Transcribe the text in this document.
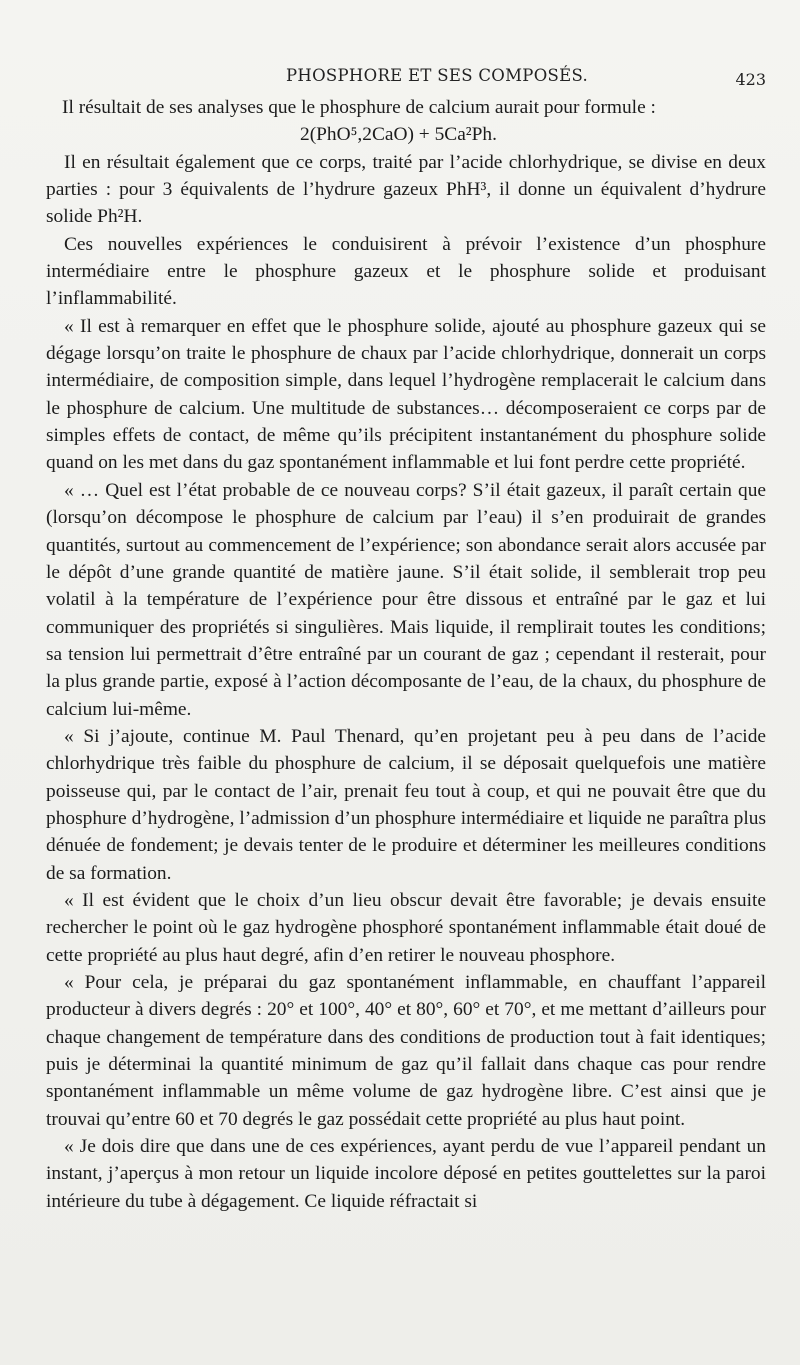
PHOSPHORE ET SES COMPOSÉS.	423

Il résultait de ses analyses que le phosphure de calcium aurait pour formule :

2(PhO⁵,2CaO) + 5Ca²Ph.

Il en résultait également que ce corps, traité par l’acide chlorhydrique, se divise en deux parties : pour 3 équivalents de l’hydrure gazeux PhH³, il donne un équivalent d’hydrure solide Ph²H.

Ces nouvelles expériences le conduisirent à prévoir l’existence d’un phosphure intermédiaire entre le phosphure gazeux et le phosphure solide et produisant l’inflammabilité.

« Il est à remarquer en effet que le phosphure solide, ajouté au phosphure gazeux qui se dégage lorsqu’on traite le phosphure de chaux par l’acide chlorhydrique, donnerait un corps intermédiaire, de composition simple, dans lequel l’hydrogène remplacerait le calcium dans le phosphure de calcium. Une multitude de substances… décomposeraient ce corps par de simples effets de contact, de même qu’ils précipitent instantanément du phosphure solide quand on les met dans du gaz spontanément inflammable et lui font perdre cette propriété.

« … Quel est l’état probable de ce nouveau corps? S’il était gazeux, il paraît certain que (lorsqu’on décompose le phosphure de calcium par l’eau) il s’en produirait de grandes quantités, surtout au commencement de l’expérience; son abondance serait alors accusée par le dépôt d’une grande quantité de matière jaune. S’il était solide, il semblerait trop peu volatil à la température de l’expérience pour être dissous et entraîné par le gaz et lui communiquer des propriétés si singulières. Mais liquide, il remplirait toutes les conditions; sa tension lui permettrait d’être entraîné par un courant de gaz ; cependant il resterait, pour la plus grande partie, exposé à l’action décomposante de l’eau, de la chaux, du phosphure de calcium lui-même.

« Si j’ajoute, continue M. Paul Thenard, qu’en projetant peu à peu dans de l’acide chlorhydrique très faible du phosphure de calcium, il se déposait quelquefois une matière poisseuse qui, par le contact de l’air, prenait feu tout à coup, et qui ne pouvait être que du phosphure d’hydrogène, l’admission d’un phosphure intermédiaire et liquide ne paraîtra plus dénuée de fondement; je devais tenter de le produire et déterminer les meilleures conditions de sa formation.

« Il est évident que le choix d’un lieu obscur devait être favorable; je devais ensuite rechercher le point où le gaz hydrogène phosphoré spontanément inflammable était doué de cette propriété au plus haut degré, afin d’en retirer le nouveau phosphore.

« Pour cela, je préparai du gaz spontanément inflammable, en chauffant l’appareil producteur à divers degrés : 20° et 100°, 40° et 80°, 60° et 70°, et me mettant d’ailleurs pour chaque changement de température dans des conditions de production tout à fait identiques; puis je déterminai la quantité minimum de gaz qu’il fallait dans chaque cas pour rendre spontanément inflammable un même volume de gaz hydrogène libre. C’est ainsi que je trouvai qu’entre 60 et 70 degrés le gaz possédait cette propriété au plus haut point.

« Je dois dire que dans une de ces expériences, ayant perdu de vue l’appareil pendant un instant, j’aperçus à mon retour un liquide incolore déposé en petites gouttelettes sur la paroi intérieure du tube à dégagement. Ce liquide réfractait si
